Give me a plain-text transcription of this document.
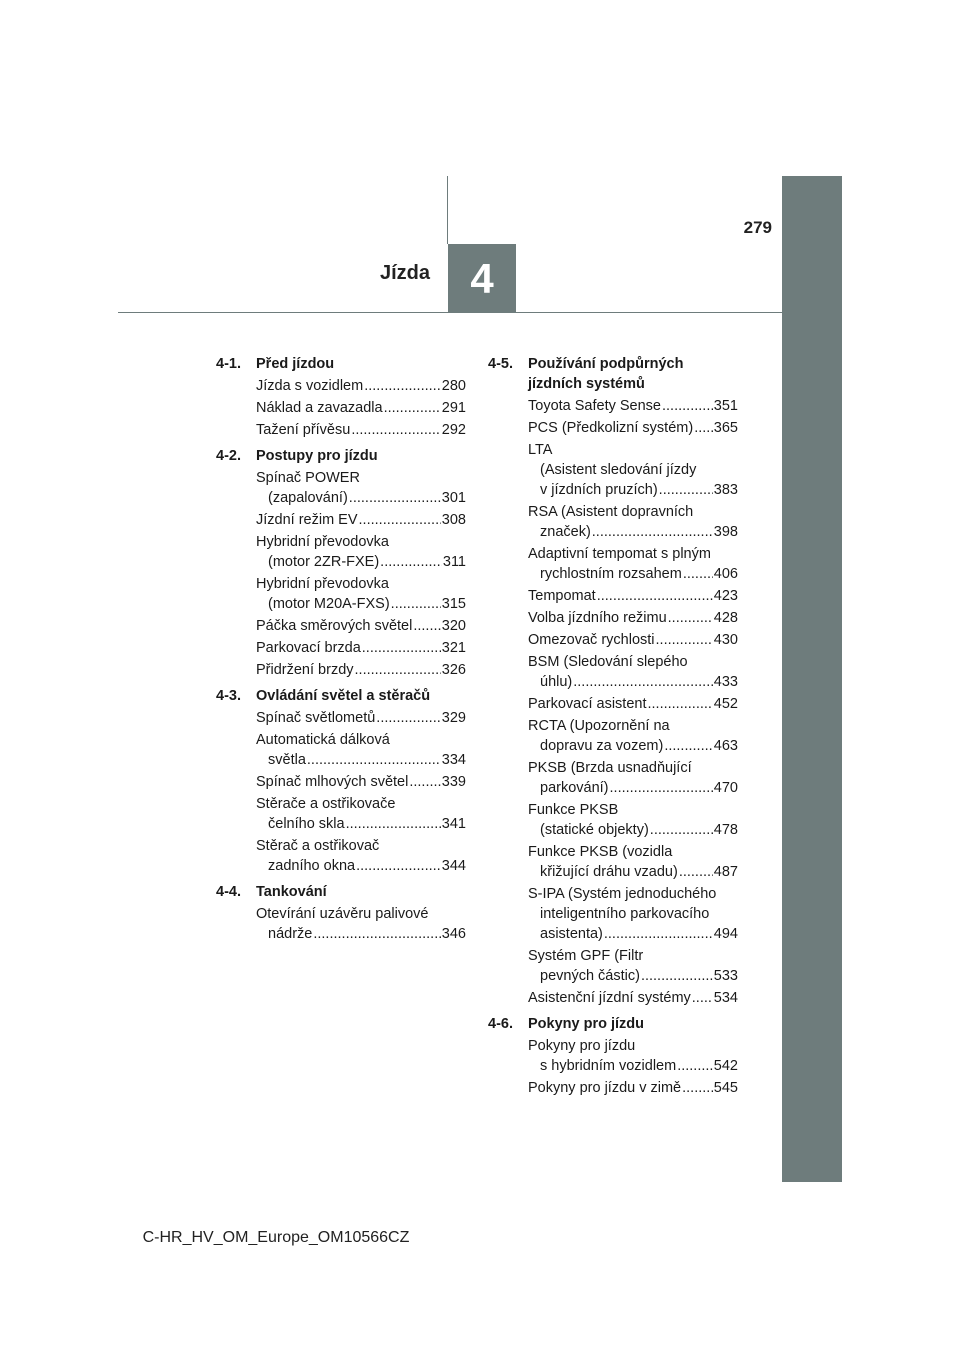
4
Jízda
279
4-1.	Před jízdou
Jízda s vozidlem .....	280
Náklad a zavazadla .....	291
Tažení přívěsu .....	292
4-2.	Postupy pro jízdu
Spínač POWER
(zapalování) .....	301
Jízdní režim EV .....	308
Hybridní převodovka
(motor 2ZR-FXE) .....	311
Hybridní převodovka
(motor M20A-FXS) .....	315
Páčka směrových světel ..... 320
Parkovací brzda .....	321
Přidržení brzdy .....	326
4-3.	Ovládání světel a stěračů
Spínač světlometů .....	329
Automatická dálková
světla .....	334
Spínač mlhových světel ..... 339
Stěrače a ostřikovače
čelního skla .....	341
Stěrač a ostřikovač
zadního okna .....	344
4-4.	Tankování
Otevírání uzávěru palivové
nádrže .....	346
4-5.	Používání podpůrných jízdních systémů
Toyota Safety Sense .....	351
PCS (Předkolizní systém) ..... 365
LTA
(Asistent sledování jízdy
v jízdních pruzích) .....	383
RSA (Asistent dopravních
značek) .....	398
Adaptivní tempomat s plným
rychlostním rozsahem ..... 406
Tempomat .....	423
Volba jízdního režimu .....	428
Omezovač rychlosti .....	430
BSM (Sledování slepého
úhlu) .....	433
Parkovací asistent .....	452
RCTA (Upozornění na
dopravu za vozem) .....	463
PKSB (Brzda usnadňující
parkování) .....	470
Funkce PKSB
(statické objekty) .....	478
Funkce PKSB (vozidla
křižující dráhu vzadu) ..... 487
S-IPA (Systém jednoduchého
inteligentního parkovacího
asistenta) .....	494
Systém GPF (Filtr
pevných částic) .....	533
Asistenční jízdní systémy ..... 534
4-6.	Pokyny pro jízdu
Pokyny pro jízdu
s hybridním vozidlem .....	542
Pokyny pro jízdu v zimě ..... 545
C-HR_HV_OM_Europe_OM10566CZ
